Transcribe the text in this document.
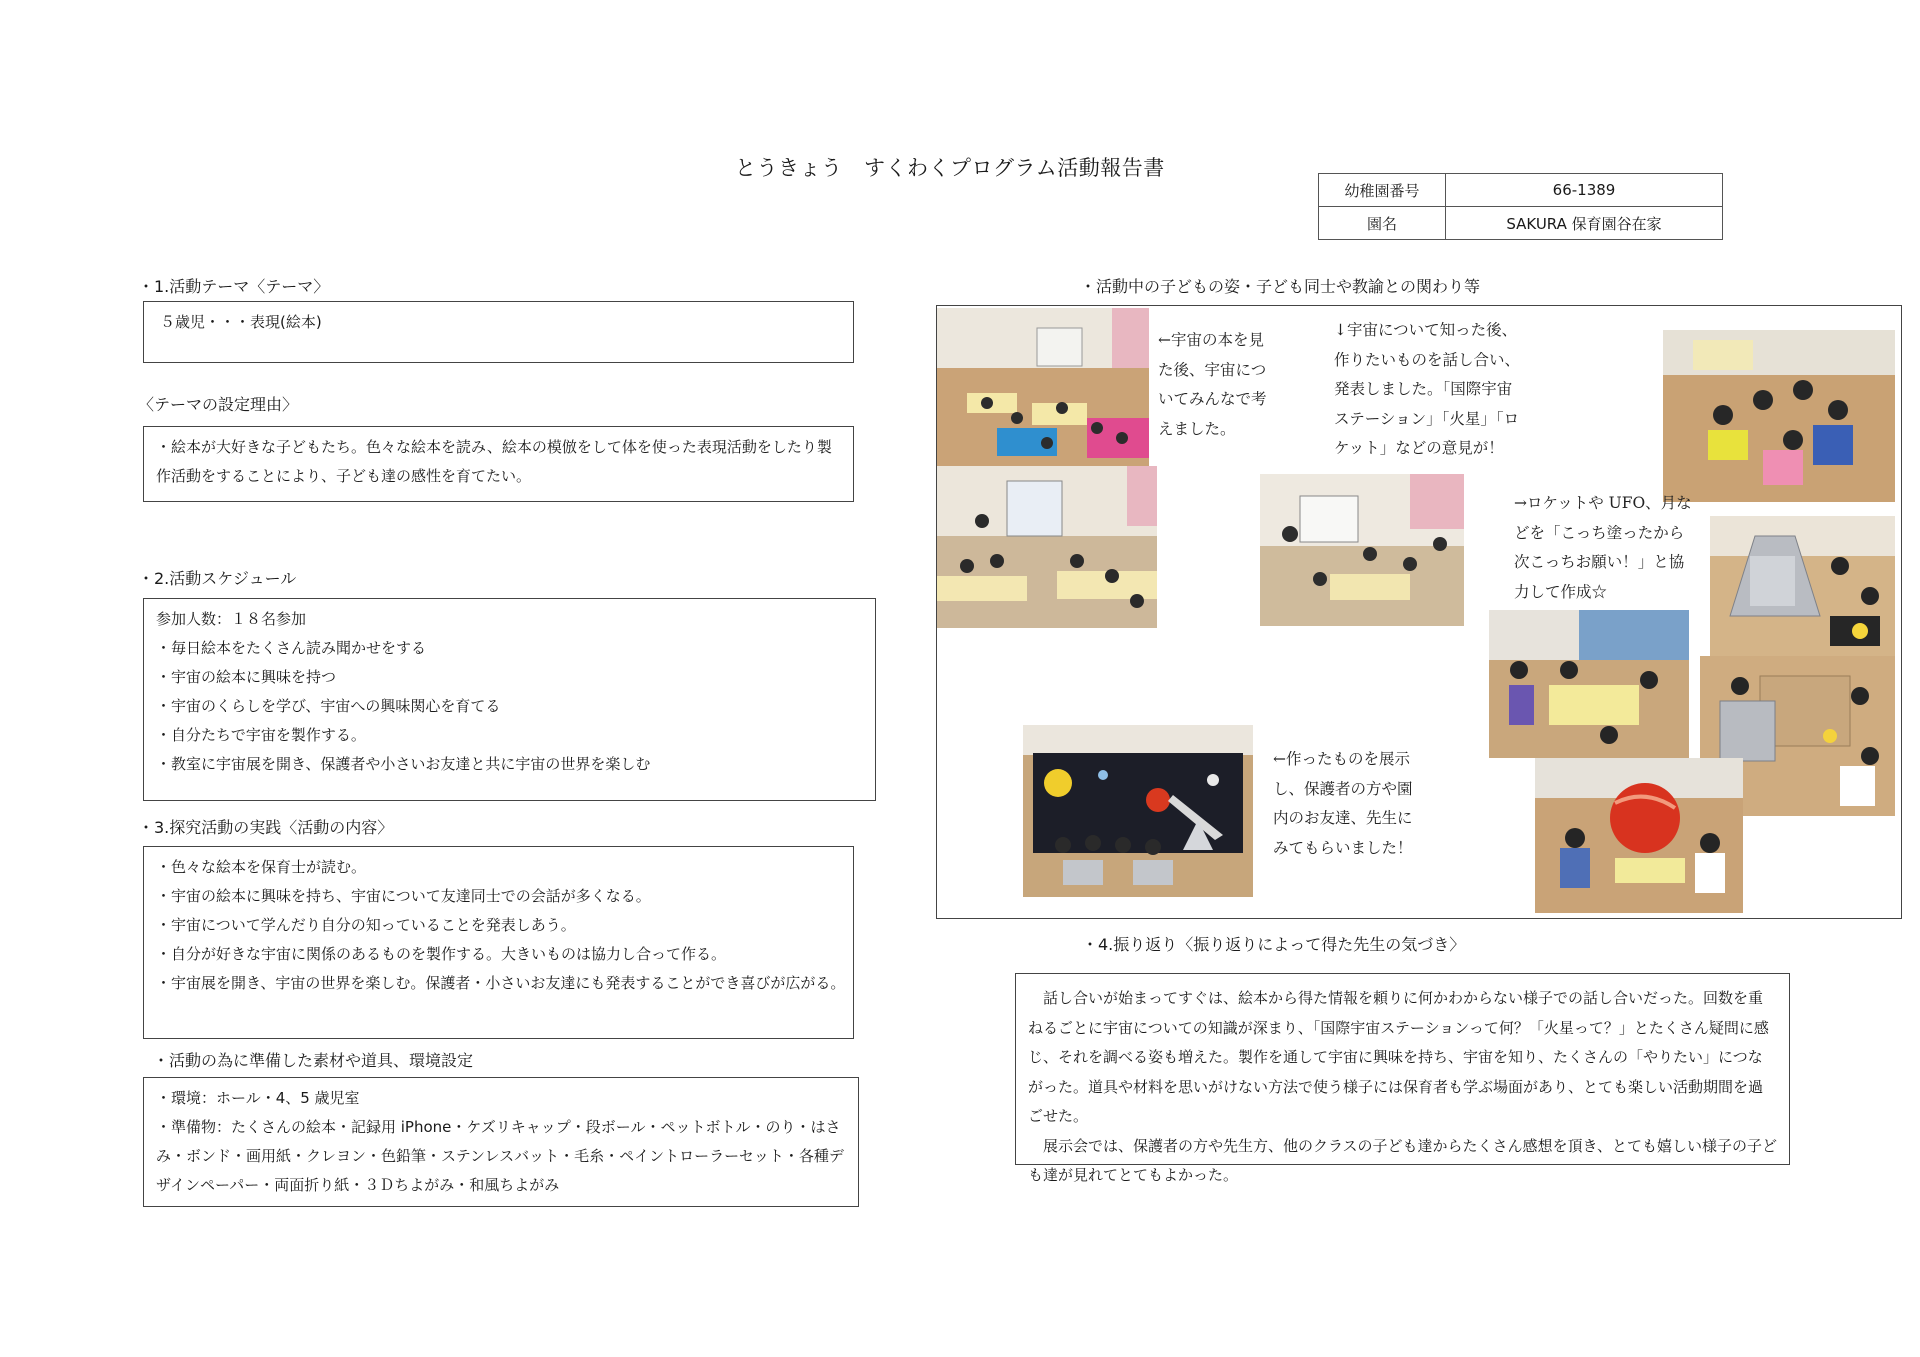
とうきょう　すくわくプログラム活動報告書
幼稚園番号	66-1389
園名	SAKURA 保育園谷在家
・1.活動テーマ〈テーマ〉
５歳児・・・表現(絵本)
〈テーマの設定理由〉
・絵本が大好きな子どもたち。色々な絵本を読み、絵本の模倣をして体を使った表現活動をしたり製作活動をすることにより、子ども達の感性を育てたい。
・2.活動スケジュール
参加人数：１８名参加
・毎日絵本をたくさん読み聞かせをする
・宇宙の絵本に興味を持つ
・宇宙のくらしを学び、宇宙への興味関心を育てる
・自分たちで宇宙を製作する。
・教室に宇宙展を開き、保護者や小さいお友達と共に宇宙の世界を楽しむ
・3.探究活動の実践〈活動の内容〉
・色々な絵本を保育士が読む。
・宇宙の絵本に興味を持ち、宇宙について友達同士での会話が多くなる。
・宇宙について学んだり自分の知っていることを発表しあう。
・自分が好きな宇宙に関係のあるものを製作する。大きいものは協力し合って作る。
・宇宙展を開き、宇宙の世界を楽しむ。保護者・小さいお友達にも発表することができ喜びが広がる。
・活動の為に準備した素材や道具、環境設定
・環境：ホール・4、5 歳児室
・準備物：たくさんの絵本・記録用 iPhone・ケズリキャップ・段ボール・ペットボトル・のり・はさみ・ボンド・画用紙・クレヨン・色鉛筆・ステンレスバット・毛糸・ペイントローラーセット・各種デザインペーパー・両面折り紙・３Ｄちよがみ・和風ちよがみ
・活動中の子どもの姿・子ども同士や教諭との関わり等
←宇宙の本を見
た後、宇宙につ
いてみんなで考
えました。
↓宇宙について知った後、
作りたいものを話し合い、
発表しました。「国際宇宙
ステーション」「火星」「ロ
ケット」などの意見が！
→ロケットや UFO、月な
どを「こっち塗ったから
次こっちお願い！」と協
力して作成☆
←作ったものを展示
し、保護者の方や園
内のお友達、先生に
みてもらいました！
・4.振り返り〈振り返りによって得た先生の気づき〉

話し合いが始まってすぐは、絵本から得た情報を頼りに何かわからない様子での話し合いだった。回数を重ねるごとに宇宙についての知識が深まり、「国際宇宙ステーションって何？「火星って？」とたくさん疑問に感じ、それを調べる姿も増えた。製作を通して宇宙に興味を持ち、宇宙を知り、たくさんの「やりたい」につながった。道具や材料を思いがけない方法で使う様子には保育者も学ぶ場面があり、とても楽しい活動期間を過ごせた。

展示会では、保護者の方や先生方、他のクラスの子ども達からたくさん感想を頂き、とても嬉しい様子の子ども達が見れてとてもよかった。
